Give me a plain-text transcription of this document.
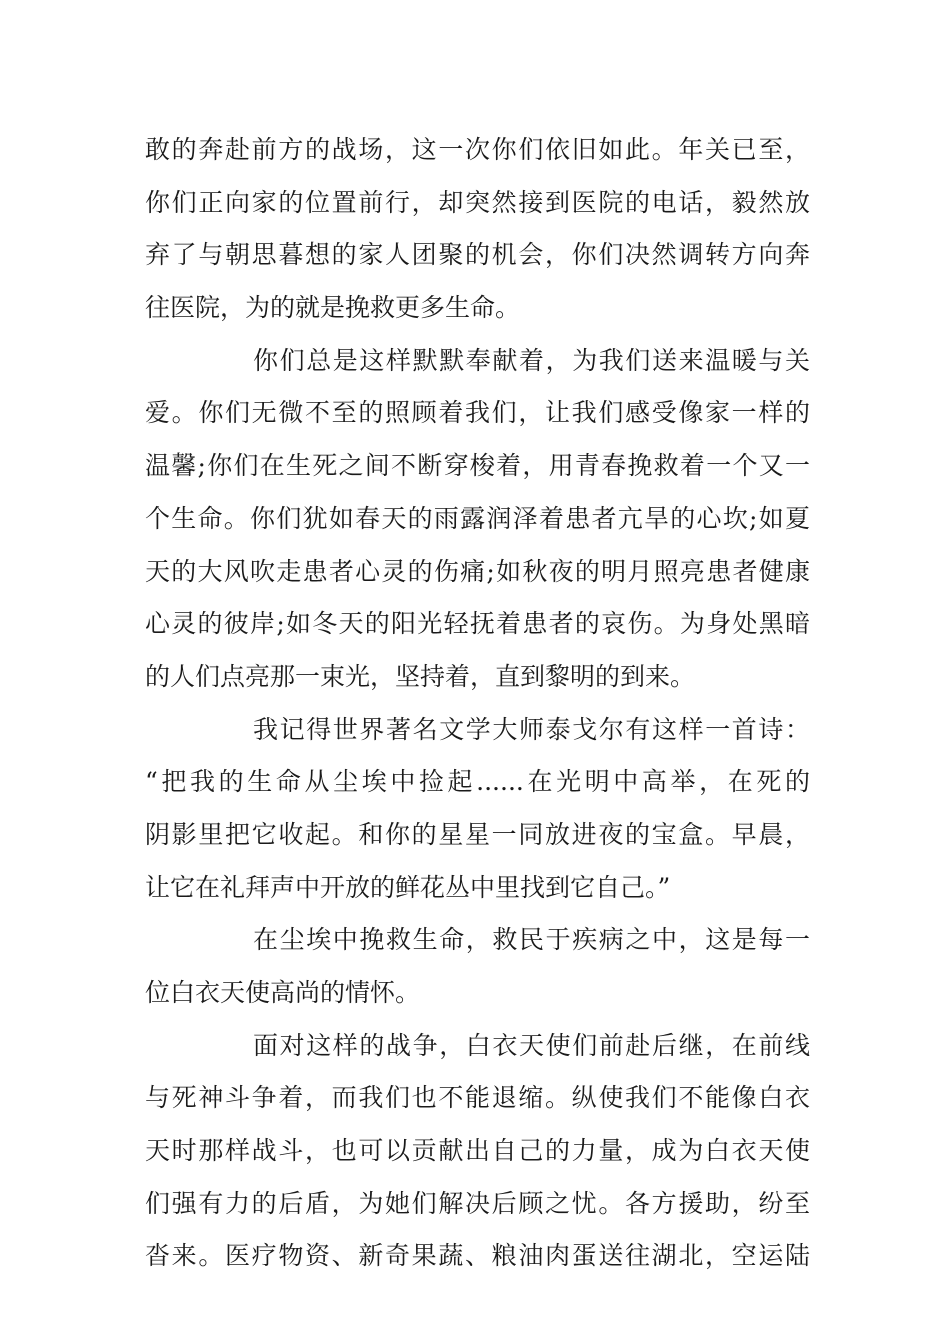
敢的奔赴前方的战场，这一次你们依旧如此。年关已至，
你们正向家的位置前行，却突然接到医院的电话，毅然放
弃了与朝思暮想的家人团聚的机会，你们决然调转方向奔
往医院，为的就是挽救更多生命。
你们总是这样默默奉献着，为我们送来温暖与关
爱。你们无微不至的照顾着我们，让我们感受像家一样的
温馨;你们在生死之间不断穿梭着，用青春挽救着一个又一
个生命。你们犹如春天的雨露润泽着患者亢旱的心坎;如夏
天的大风吹走患者心灵的伤痛;如秋夜的明月照亮患者健康
心灵的彼岸;如冬天的阳光轻抚着患者的哀伤。为身处黑暗
的人们点亮那一束光，坚持着，直到黎明的到来。
我记得世界著名文学大师泰戈尔有这样一首诗：
“把我的生命从尘埃中捡起......在光明中高举，在死的
阴影里把它收起。和你的星星一同放进夜的宝盒。早晨，
让它在礼拜声中开放的鲜花丛中里找到它自己。”
在尘埃中挽救生命，救民于疾病之中，这是每一
位白衣天使高尚的情怀。
面对这样的战争，白衣天使们前赴后继，在前线
与死神斗争着，而我们也不能退缩。纵使我们不能像白衣
天时那样战斗，也可以贡献出自己的力量，成为白衣天使
们强有力的后盾，为她们解决后顾之忧。各方援助，纷至
沓来。医疗物资、新奇果蔬、粮油肉蛋送往湖北，空运陆
